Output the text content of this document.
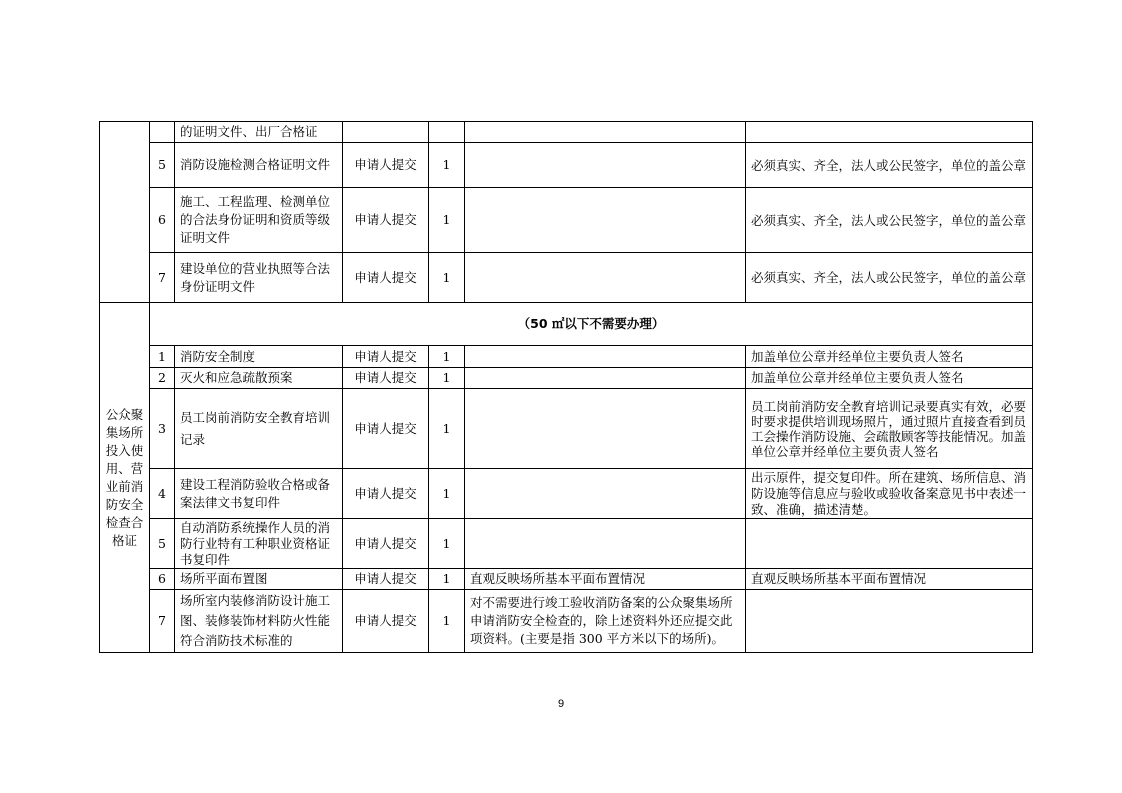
		的证明文件、出厂合格证				
	5	消防设施检测合格证明文件	申请人提交	1		必须真实、齐全，法人或公民签字，单位的盖公章
	6	施工、工程监理、检测单位的合法身份证明和资质等级证明文件	申请人提交	1		必须真实、齐全，法人或公民签字，单位的盖公章
	7	建设单位的营业执照等合法身份证明文件	申请人提交	1		必须真实、齐全，法人或公民签字，单位的盖公章
公众聚集场所投入使用、营业前消防安全检查合格证	（50 ㎡以下不需要办理）					
	1	消防安全制度	申请人提交	1		加盖单位公章并经单位主要负责人签名
	2	灭火和应急疏散预案	申请人提交	1		加盖单位公章并经单位主要负责人签名
	3	员工岗前消防安全教育培训记录	申请人提交	1		员工岗前消防安全教育培训记录要真实有效，必要时要求提供培训现场照片，通过照片直接查看到员工会操作消防设施、会疏散顾客等技能情况。加盖单位公章并经单位主要负责人签名
	4	建设工程消防验收合格或备案法律文书复印件	申请人提交	1		出示原件，提交复印件。所在建筑、场所信息、消防设施等信息应与验收或验收备案意见书中表述一致、准确，描述清楚。
	5	自动消防系统操作人员的消防行业特有工种职业资格证书复印件	申请人提交	1		
	6	场所平面布置图	申请人提交	1	直观反映场所基本平面布置情况	直观反映场所基本平面布置情况
	7	场所室内装修消防设计施工图、装修装饰材料防火性能符合消防技术标准的	申请人提交	1	对不需要进行竣工验收消防备案的公众聚集场所申请消防安全检查的，除上述资料外还应提交此项资料。(主要是指 300 平方米以下的场所)。	
9
